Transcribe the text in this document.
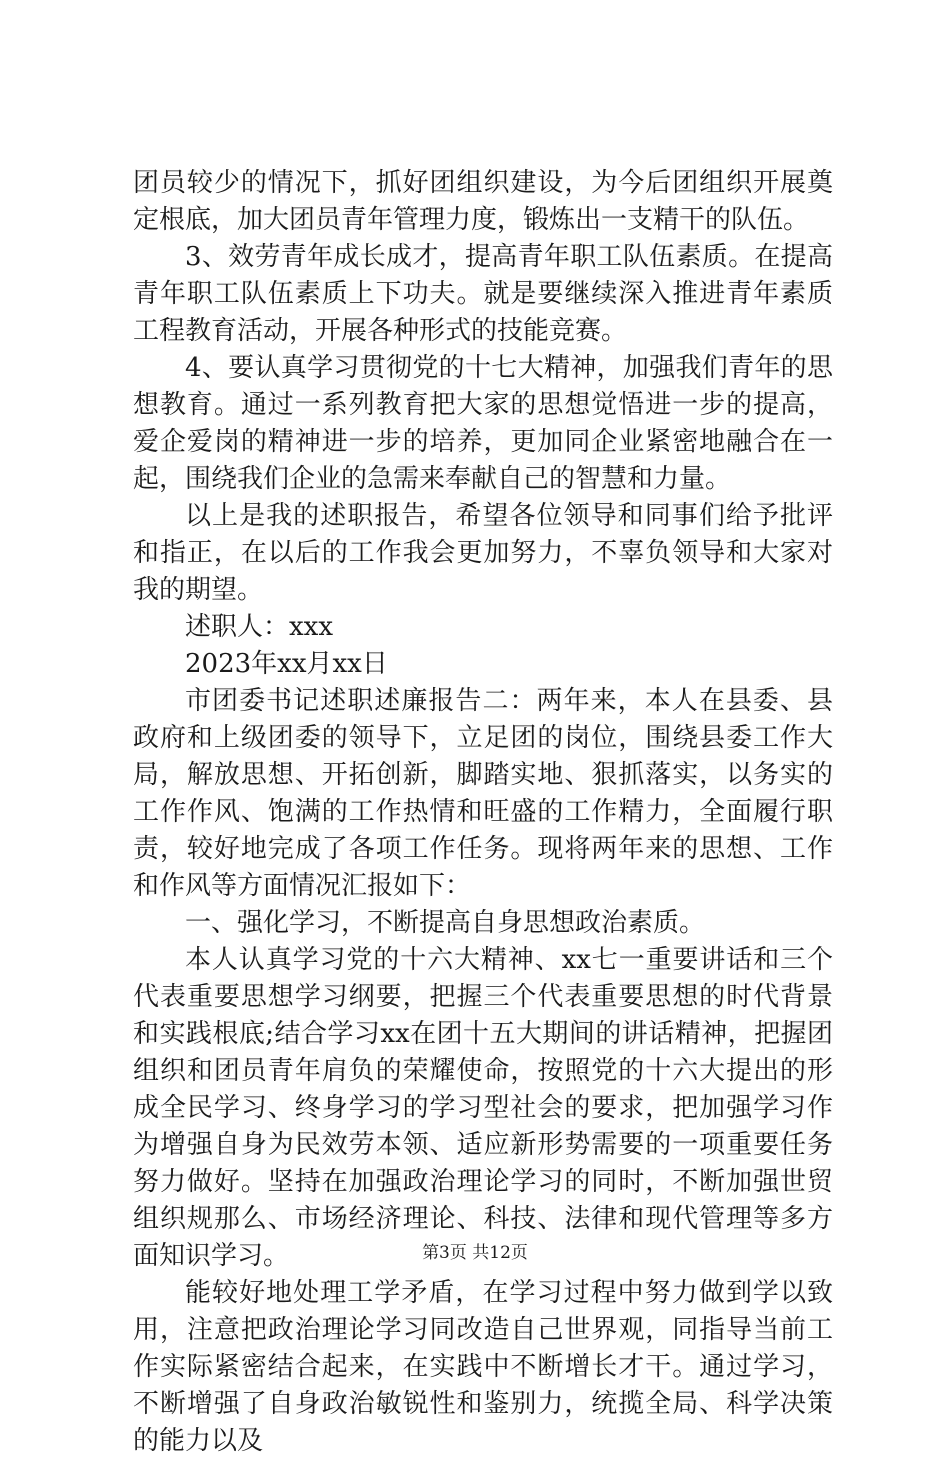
团员较少的情况下，抓好团组织建设，为今后团组织开展奠定根底，加大团员青年管理力度，锻炼出一支精干的队伍。

3、效劳青年成长成才，提高青年职工队伍素质。在提高青年职工队伍素质上下功夫。就是要继续深入推进青年素质工程教育活动，开展各种形式的技能竞赛。

4、要认真学习贯彻党的十七大精神，加强我们青年的思想教育。通过一系列教育把大家的思想觉悟进一步的提高，爱企爱岗的精神进一步的培养，更加同企业紧密地融合在一起，围绕我们企业的急需来奉献自己的智慧和力量。

以上是我的述职报告，希望各位领导和同事们给予批评和指正，在以后的工作我会更加努力，不辜负领导和大家对我的期望。

述职人：xxx

2023年xx月xx日

市团委书记述职述廉报告二：两年来，本人在县委、县政府和上级团委的领导下，立足团的岗位，围绕县委工作大局，解放思想、开拓创新，脚踏实地、狠抓落实，以务实的工作作风、饱满的工作热情和旺盛的工作精力，全面履行职责，较好地完成了各项工作任务。现将两年来的思想、工作和作风等方面情况汇报如下：

一、强化学习，不断提高自身思想政治素质。

本人认真学习党的十六大精神、xx七一重要讲话和三个代表重要思想学习纲要，把握三个代表重要思想的时代背景和实践根底;结合学习xx在团十五大期间的讲话精神，把握团组织和团员青年肩负的荣耀使命，按照党的十六大提出的形成全民学习、终身学习的学习型社会的要求，把加强学习作为增强自身为民效劳本领、适应新形势需要的一项重要任务努力做好。坚持在加强政治理论学习的同时，不断加强世贸组织规那么、市场经济理论、科技、法律和现代管理等多方面知识学习。

能较好地处理工学矛盾，在学习过程中努力做到学以致用，注意把政治理论学习同改造自己世界观，同指导当前工作实际紧密结合起来，在实践中不断增长才干。通过学习，不断增强了自身政治敏锐性和鉴别力，统揽全局、科学决策的能力以及

第3页 共12页
